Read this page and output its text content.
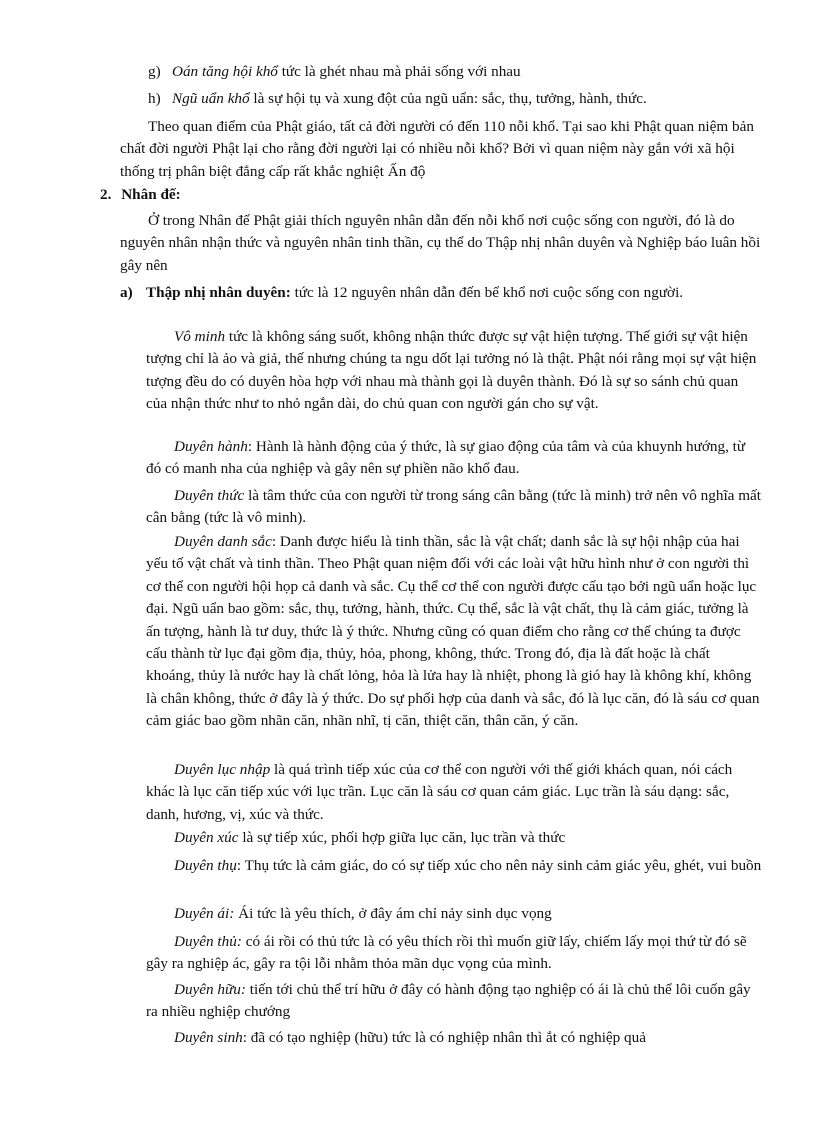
g) Oán tăng hội khổ tức là ghét nhau mà phải sống với nhau
h) Ngũ uẩn khổ là sự hội tụ và xung đột của ngũ uẩn: sắc, thụ, tưởng, hành, thức.

Theo quan điểm của Phật giáo, tất cả đời người có đến 110 nỗi khổ. Tại sao khi Phật quan niệm bản chất đời người Phật lại cho rằng đời người lại có nhiều nỗi khổ? Bởi vì quan niệm này gắn với xã hội thống trị phân biệt đẳng cấp rất khắc nghiệt Ấn độ

2. Nhân đế:

Ở trong Nhân đế Phật giải thích nguyên nhân dẫn đến nỗi khổ nơi cuộc sống con người, đó là do nguyên nhân nhận thức và nguyên nhân tinh thần, cụ thể do Thập nhị nhân duyên và Nghiệp báo luân hồi gây nên

a) Thập nhị nhân duyên: tức là 12 nguyên nhân dẫn đến bể khổ nơi cuộc sống con người.

Vô minh tức là không sáng suốt, không nhận thức được sự vật hiện tượng. Thế giới sự vật hiện tượng chỉ là ảo và giả, thế nhưng chúng ta ngu dốt lại tưởng nó là thật. Phật nói rằng mọi sự vật hiện tượng đều do có duyên hòa hợp với nhau mà thành gọi là duyên thành. Đó là sự so sánh chủ quan của nhận thức như to nhỏ ngắn dài, do chủ quan con người gán cho sự vật.

Duyên hành: Hành là hành động của ý thức, là sự giao động của tâm và của khuynh hướng, từ đó có manh nha của nghiệp và gây nên sự phiền não khổ đau.

Duyên thức là tâm thức của con người từ trong sáng cân bằng (tức là minh) trở nên vô nghĩa mất cân bằng (tức là vô minh).

Duyên danh sắc: Danh được hiểu là tinh thần, sắc là vật chất; danh sắc là sự hội nhập của hai yếu tố vật chất và tinh thần. Theo Phật quan niệm đối với các loài vật hữu hình như ở con người thì cơ thể con người hội họp cả danh và sắc. Cụ thể cơ thể con người được cấu tạo bởi ngũ uẩn hoặc lục đại. Ngũ uẩn bao gồm: sắc, thụ, tưởng, hành, thức. Cụ thể, sắc là vật chất, thụ là cảm giác, tưởng là ấn tượng, hành là tư duy, thức là ý thức. Nhưng cũng có quan điểm cho rằng cơ thể chúng ta được cấu thành từ lục đại gồm địa, thủy, hỏa, phong, không, thức. Trong đó, địa là đất hoặc là chất khoáng, thủy là nước hay là chất lỏng, hỏa là lửa hay là nhiệt, phong là gió hay là không khí, không là chân không, thức ở đây là ý thức. Do sự phối hợp của danh và sắc, đó là lục căn, đó là sáu cơ quan cảm giác bao gồm nhãn căn, nhãn nhĩ, tị căn, thiệt căn, thân căn, ý căn.

Duyên lục nhập là quá trình tiếp xúc của cơ thể con người với thế giới khách quan, nói cách khác là lục căn tiếp xúc với lục trần. Lục căn là sáu cơ quan cảm giác. Lục trần là sáu dạng: sắc, danh, hương, vị, xúc và thức.

Duyên xúc là sự tiếp xúc, phối hợp giữa lục căn, lục trần và thức

Duyên thụ: Thụ tức là cảm giác, do có sự tiếp xúc cho nên nảy sinh cảm giác yêu, ghét, vui buồn

Duyên ái: Ái tức là yêu thích, ở đây ám chỉ nảy sinh dục vọng

Duyên thủ: có ái rồi có thủ tức là có yêu thích rồi thì muốn giữ lấy, chiếm lấy mọi thứ từ đó sẽ gây ra nghiệp ác, gây ra tội lỗi nhằm thỏa mãn dục vọng của mình.

Duyên hữu: tiến tới chủ thể trí hữu ở đây có hành động tạo nghiệp có ái là chủ thể lôi cuốn gây ra nhiều nghiệp chướng

Duyên sinh: đã có tạo nghiệp (hữu) tức là có nghiệp nhân thì ắt có nghiệp quả
